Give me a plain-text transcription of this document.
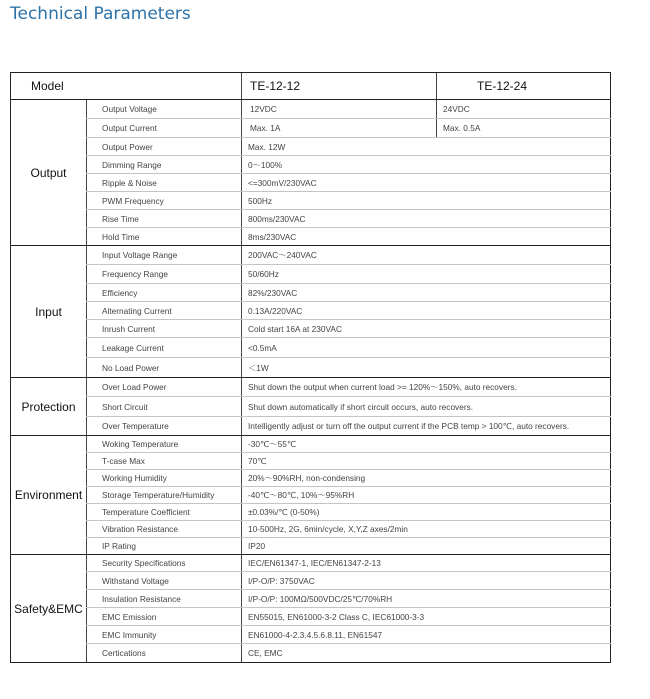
Technical Parameters
Model		TE-12-12	TE-12-24
Output	Output Voltage	12VDC	24VDC
	Output Current	Max. 1A	Max. 0.5A
	Output Power	Max. 12W	
	Dimming Range	0～100%	
	Ripple & Noise	<=300mV/230VAC	
	PWM Frequency	500Hz	
	Rise Time	800ms/230VAC	
	Hold Time	8ms/230VAC	
Input	Input Voltage Range	200VAC～240VAC	
	Frequency Range	50/60Hz	
	Efficiency	82%/230VAC	
	Alternating Current	0.13A/220VAC	
	Inrush Current	Cold start 16A at 230VAC	
	Leakage Current	<0.5mA	
	No Load Power	＜1W	
Protection	Over Load Power	Shut down the output when current load >= 120%～150%, auto recovers.	
	Short Circuit	Shut down automatically if short circuit occurs, auto recovers.	
	Over Temperature	Intelligently adjust or turn off the output current if the PCB temp > 100℃, auto recovers.	
Environment	Woking Temperature	-30℃～55℃	
	T-case Max	70℃	
	Working Humidity	20%～90%RH, non-condensing	
	Storage Temperature/Humidity	-40℃～80℃, 10%～95%RH	
	Temperature Coefficient	±0.03%/℃ (0-50%)	
	Vibration Resistance	10-500Hz, 2G, 6min/cycle, X,Y,Z axes/2min	
	IP Rating	IP20	
Safety&EMC	Security Specifications	IEC/EN61347-1, IEC/EN61347-2-13	
	Withstand Voltage	I/P-O/P: 3750VAC	
	Insulation Resistance	I/P-O/P: 100MΩ/500VDC/25℃/70%RH	
	EMC Emission	EN55015, EN61000-3-2 Class C, IEC61000-3-3	
	EMC Immunity	EN61000-4-2.3.4.5.6.8.11, EN61547	
	Certications	CE, EMC	
